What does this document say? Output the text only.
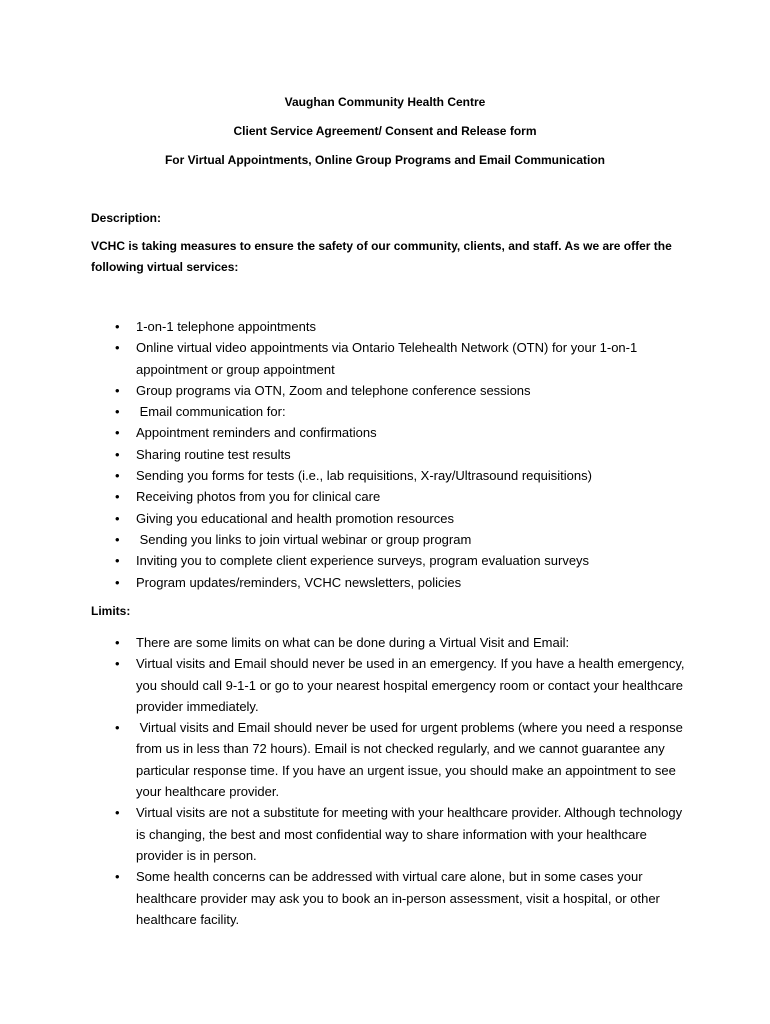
Vaughan Community Health Centre
Client Service Agreement/ Consent and Release form
For Virtual Appointments, Online Group Programs and Email Communication
Description:
VCHC is taking measures to ensure the safety of our community, clients, and staff. As we are offer the following virtual services:
• 1-on-1 telephone appointments
• Online virtual video appointments via Ontario Telehealth Network (OTN) for your 1-on-1 appointment or group appointment
• Group programs via OTN, Zoom and telephone conference sessions
• Email communication for:
• Appointment reminders and confirmations
• Sharing routine test results
• Sending you forms for tests (i.e., lab requisitions, X-ray/Ultrasound requisitions)
• Receiving photos from you for clinical care
• Giving you educational and health promotion resources
• Sending you links to join virtual webinar or group program
• Inviting you to complete client experience surveys, program evaluation surveys
• Program updates/reminders, VCHC newsletters, policies
Limits:
• There are some limits on what can be done during a Virtual Visit and Email:
• Virtual visits and Email should never be used in an emergency. If you have a health emergency, you should call 9-1-1 or go to your nearest hospital emergency room or contact your healthcare provider immediately.
• Virtual visits and Email should never be used for urgent problems (where you need a response from us in less than 72 hours). Email is not checked regularly, and we cannot guarantee any particular response time. If you have an urgent issue, you should make an appointment to see your healthcare provider.
• Virtual visits are not a substitute for meeting with your healthcare provider. Although technology is changing, the best and most confidential way to share information with your healthcare provider is in person.
• Some health concerns can be addressed with virtual care alone, but in some cases your healthcare provider may ask you to book an in-person assessment, visit a hospital, or other healthcare facility.
